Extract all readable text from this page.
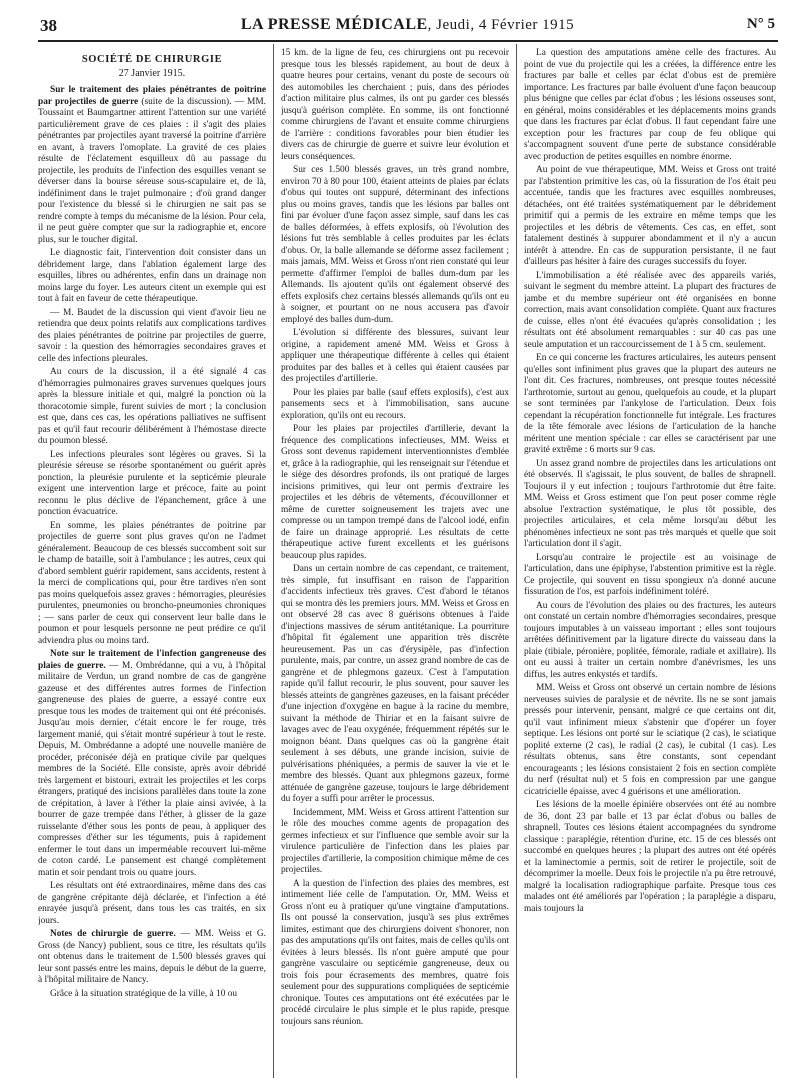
38	LA PRESSE MÉDICALE, Jeudi, 4 Février 1915	N° 5

SOCIÉTÉ DE CHIRURGIE

27 Janvier 1915.

Sur le traitement des plaies pénétrantes de poitrine par projectiles de guerre (suite de la discussion). — MM. Toussaint et Baumgartner attirent l'attention sur une variété particulièrement grave de ces plaies : il s'agit des plaies pénétrantes par projectiles ayant traversé la poitrine d'arrière en avant, à travers l'omoplate. La gravité de ces plaies résulte de l'éclatement esquilleux dû au passage du projectile, les produits de l'infection des esquilles venant se déverser dans la bourse séreuse sous-scapulaire et, de là, indéfiniment dans le trajet pulmonaire ; d'où grand danger pour l'existence du blessé si le chirurgien ne sait pas se rendre compte à temps du mécanisme de la lésion. Pour cela, il ne peut guère compter que sur la radiographie et, encore plus, sur le toucher digital.

Le diagnostic fait, l'intervention doit consister dans un débridement large, dans l'ablation également large des esquilles, libres ou adhérentes, enfin dans un drainage non moins large du foyer. Les auteurs citent un exemple qui est tout à fait en faveur de cette thérapeutique.

— M. Baudet de la discussion qui vient d'avoir lieu ne retiendra que deux points relatifs aux complications tardives des plaies pénétrantes de poitrine par projectiles de guerre, savoir : la question des hémorragies secondaires graves et celle des infections pleurales.

Au cours de la discussion, il a été signalé 4 cas d'hémorragies pulmonaires graves survenues quelques jours après la blessure initiale et qui, malgré la ponction où la thoracotomie simple, furent suivies de mort ; la conclusion est que, dans ces cas, les opérations palliatives ne suffisent pas et qu'il faut recourir délibérément à l'hémostase directe du poumon blessé.

Les infections pleurales sont légères ou graves. Si la pleurésie séreuse se résorbe spontanément ou guérit après ponction, la pleurésie purulente et la septicémie pleurale exigent une intervention large et précoce, faite au point reconnu le plus déclive de l'épanchement, grâce à une ponction évacuatrice.

En somme, les plaies pénétrantes de poitrine par projectiles de guerre sont plus graves qu'on ne l'admet généralement. Beaucoup de ces blessés succombent soit sur le champ de bataille, soit à l'ambulance ; les autres, ceux qui d'abord semblent guérir rapidement, sans accidents, restent à la merci de complications qui, pour être tardives n'en sont pas moins quelquefois assez graves : hémorragies, pleurésies purulentes, pneumonies ou broncho-pneumonies chroniques ; — sans parler de ceux qui conservent leur balle dans le poumon et pour lesquels personne ne peut prédire ce qu'il adviendra plus ou moins tard.

Note sur le traitement de l'infection gangreneuse des plaies de guerre. — M. Ombrédanne, qui a vu, à l'hôpital militaire de Verdun, un grand nombre de cas de gangrène gazeuse et des différentes autres formes de l'infection gangreneuse des plaies de guerre, a essayé contre eux presque tous les modes de traitement qui ont été préconisés. Jusqu'au mois dernier, c'était encore le fer rouge, très largement manié, qui s'était montré supérieur à tout le reste. Depuis, M. Ombrédanne a adopté une nouvelle manière de procéder, préconisée déjà en pratique civile par quelques membres de la Société. Elle consiste, après avoir débridé très largement et bistouri, extrait les projectiles et les corps étrangers, pratiqué des incisions parallèles dans toute la zone de crépitation, à laver à l'éther la plaie ainsi avivée, à la bourrer de gaze trempée dans l'éther, à glisser de la gaze ruisselante d'éther sous les ponts de peau, à appliquer des compresses d'éther sur les téguments, puis à rapidement enfermer le tout dans un imperméable recouvert lui-même de coton cardé. Le pansement est changé complètement matin et soir pendant trois ou quatre jours.

Les résultats ont été extraordinaires, même dans des cas de gangrène crépitante déjà déclarée, et l'infection a été enrayée jusqu'à présent, dans tous les cas traités, en six jours.

Notes de chirurgie de guerre. — MM. Weiss et G. Gross (de Nancy) publient, sous ce titre, les résultats qu'ils ont obtenus dans le traitement de 1.500 blessés graves qui leur sont passés entre les mains, depuis le début de la guerre, à l'hôpital militaire de Nancy.

Grâce à la situation stratégique de la ville, à 10 ou

15 km. de la ligne de feu, ces chirurgiens ont pu recevoir presque tous les blessés rapidement, au bout de deux à quatre heures pour certains, venant du poste de secours où des automobiles les cherchaient ; puis, dans des périodes d'action militaire plus calmes, ils ont pu garder ces blessés jusqu'à guérison complète. En somme, ils ont fonctionné comme chirurgiens de l'avant et ensuite comme chirurgiens de l'arrière : conditions favorables pour bien étudier les divers cas de chirurgie de guerre et suivre leur évolution et leurs conséquences.

Sur ces 1.500 blessés graves, un très grand nombre, environ 70 à 80 pour 100, étaient atteints de plaies par éclats d'obus qui toutes ont suppuré, déterminant des infections plus ou moins graves, tandis que les lésions par balles ont fini par évoluer d'une façon assez simple, sauf dans les cas de balles déformées, à effets explosifs, où l'évolution des lésions fut très semblable à celles produites par les éclats d'obus. Or, la balle allemande se déforme assez facilement ; mais jamais, MM. Weiss et Gross n'ont rien constaté qui leur permette d'affirmer l'emploi de balles dum-dum par les Allemands. Ils ajoutent qu'ils ont également observé des effets explosifs chez certains blessés allemands qu'ils ont eu à soigner, et pourtant on ne nous accusera pas d'avoir employé des balles dum-dum.

L'évolution si différente des blessures, suivant leur origine, a rapidement amené MM. Weiss et Gross à appliquer une thérapeutique différente à celles qui étaient produites par des balles et à celles qui étaient causées par des projectiles d'artillerie.

Pour les plaies par balle (sauf effets explosifs), c'est aux pansements secs et à l'immobilisation, sans aucune exploration, qu'ils ont eu recours.

Pour les plaies par projectiles d'artillerie, devant la fréquence des complications infectieuses, MM. Weiss et Gross sont devenus rapidement interventionnistes d'emblée et, grâce à la radiographie, qui les renseignait sur l'étendue et le siège des désordres profonds, ils ont pratiqué de larges incisions primitives, qui leur ont permis d'extraire les projectiles et les débris de vêtements, d'écouvillonner et même de curetter soigneusement les trajets avec une compresse ou un tampon trempé dans de l'alcool iodé, enfin de faire un drainage approprié. Les résultats de cette thérapeutique active furent excellents et les guérisons beaucoup plus rapides.

Dans un certain nombre de cas cependant, ce traitement, très simple, fut insuffisant en raison de l'apparition d'accidents infectieux très graves. C'est d'abord le tétanos qui se montra dès les premiers jours. MM. Weiss et Gross en ont observé 28 cas avec 8 guérisons obtenues à l'aide d'injections massives de sérum antitétanique. La pourriture d'hôpital fit également une apparition très discrète heureusement. Pas un cas d'érysipèle, pas d'infection purulente, mais, par contre, un assez grand nombre de cas de gangrène et de phlegmons gazeux. C'est à l'amputation rapide qu'il fallut recourir, le plus souvent, pour sauver les blessés atteints de gangrènes gazeuses, en la faisant précéder d'une injection d'oxygène en bague à la racine du membre, suivant la méthode de Thiriar et en la faisant suivre de lavages avec de l'eau oxygénée, fréquemment répétés sur le moignon béant. Dans quelques cas où la gangrène était seulement à ses débuts, une grande incision, suivie de pulvérisations phéniquées, a permis de sauver la vie et le membre des blessés. Quant aux phlegmons gazeux, forme atténuée de gangrène gazeuse, toujours le large débridement du foyer a suffi pour arrêter le processus.

Incidemment, MM. Weiss et Gross attirent l'attention sur le rôle des mouches comme agents de propagation des germes infectieux et sur l'influence que semble avoir sur la virulence particulière de l'infection dans les plaies par projectiles d'artillerie, la composition chimique même de ces projectiles.

A la question de l'infection des plaies des membres, est intimement liée celle de l'amputation. Or, MM. Weiss et Gross n'ont eu à pratiquer qu'une vingtaine d'amputations. Ils ont poussé la conservation, jusqu'à ses plus extrêmes limites, estimant que des chirurgiens doivent s'honorer, non pas des amputations qu'ils ont faites, mais de celles qu'ils ont évitées à leurs blessés. Ils n'ont guère amputé que pour gangrène vasculaire ou septicémie gangreneuse, deux ou trois fois pour écrasements des membres, quatre fois seulement pour des suppurations compliquées de septicémie chronique. Toutes ces amputations ont été exécutées par le procédé circulaire le plus simple et le plus rapide, presque toujours sans réunion.

La question des amputations amène celle des fractures. Au point de vue du projectile qui les a créées, la différence entre les fractures par balle et celles par éclat d'obus est de première importance. Les fractures par balle évoluent d'une façon beaucoup plus bénigne que celles par éclat d'obus ; les lésions osseuses sont, en général, moins considérables et les déplacements moins grands que dans les fractures par éclat d'obus. Il faut cependant faire une exception pour les fractures par coup de feu oblique qui s'accompagnent souvent d'une perte de substance considérable avec production de petites esquilles en nombre énorme.

Au point de vue thérapeutique, MM. Weiss et Gross ont traité par l'abstention primitive les cas, où la fissuration de l'os était peu accentuée, tandis que les fractures avec esquilles nombreuses, détachées, ont été traitées systématiquement par le débridement primitif qui a permis de les extraire en même temps que les projectiles et les débris de vêtements. Ces cas, en effet, sont fatalement destinés à suppurer abondamment et il n'y a aucun intérêt à attendre. En cas de suppuration persistante, il ne faut d'ailleurs pas hésiter à faire des curages successifs du foyer.

L'immobilisation a été réalisée avec des appareils variés, suivant le segment du membre atteint. La plupart des fractures de jambe et du membre supérieur ont été organisées en bonne correction, mais avant consolidation complète. Quant aux fractures de cuisse, elles n'ont été évacuées qu'après consolidation ; les résultats ont été absolument remarquables : sur 40 cas pas une seule amputation et un raccourcissement de 1 à 5 cm. seulement.

En ce qui concerne les fractures articulaires, les auteurs pensent qu'elles sont infiniment plus graves que la plupart des auteurs ne l'ont dit. Ces fractures, nombreuses, ont presque toutes nécessité l'arthrotomie, surtout au genou, quelquefois au coude, et la plupart se sont terminées par l'ankylose de l'articulation. Deux fois cependant la récupération fonctionnelle fut intégrale. Les fractures de la tête fémorale avec lésions de l'articulation de la hanche méritent une mention spéciale : car elles se caractérisent par une gravité extrême : 6 morts sur 9 cas.

Un assez grand nombre de projectiles dans les articulations ont été observés. Il s'agissait, le plus souvent, de balles de shrapnell. Toujours il y eut infection ; toujours l'arthrotomie dut être faite. MM. Weiss et Gross estiment que l'on peut poser comme règle absolue l'extraction systématique, le plus tôt possible, des projectiles articulaires, et cela même lorsqu'au début les phénomènes infectieux ne sont pas très marqués et quelle que soit l'articulation dont il s'agit.

Lorsqu'au contraire le projectile est au voisinage de l'articulation, dans une épiphyse, l'abstention primitive est la règle. Ce projectile, qui souvent en tissu spongieux n'a donné aucune fissuration de l'os, est parfois indéfiniment toléré.

Au cours de l'évolution des plaies ou des fractures, les auteurs ont constaté un certain nombre d'hémorragies secondaires, presque toujours imputables à un vaisseau important ; elles sont toujours arrêtées définitivement par la ligature directe du vaisseau dans la plaie (tibiale, péronière, poplitée, fémorale, radiale et axillaire). Ils ont eu aussi à traiter un certain nombre d'anévrismes, les uns diffus, les autres enkystés et tardifs.

MM. Weiss et Gross ont observé un certain nombre de lésions nerveuses suivies de paralysie et de névrite. Ils ne se sont jamais pressés pour intervenir, pensant, malgré ce que certains ont dit, qu'il vaut infiniment mieux s'abstenir que d'opérer un foyer septique. Les lésions ont porté sur le sciatique (2 cas), le sciatique poplité externe (2 cas), le radial (2 cas), le cubital (1 cas). Les résultats obtenus, sans être constants, sont cependant encourageants ; les lésions consistaient 2 fois en section complète du nerf (résultat nul) et 5 fois en compression par une gangue cicatricielle épaisse, avec 4 guérisons et une amélioration.

Les lésions de la moelle épinière observées ont été au nombre de 36, dont 23 par balle et 13 par éclat d'obus ou balles de shrapnell. Toutes ces lésions étaient accompagnées du syndrome classique : paraplégie, rétention d'urine, etc. 15 de ces blessés ont succombé en quelques heures ; la plupart des autres ont été opérés et la laminectomie a permis, soit de retirer le projectile, soit de décomprimer la moelle. Deux fois le projectile n'a pu être retrouvé, malgré la localisation radiographique parfaite. Presque tous ces malades ont été améliorés par l'opération ; la paraplégie a disparu, mais toujours la
